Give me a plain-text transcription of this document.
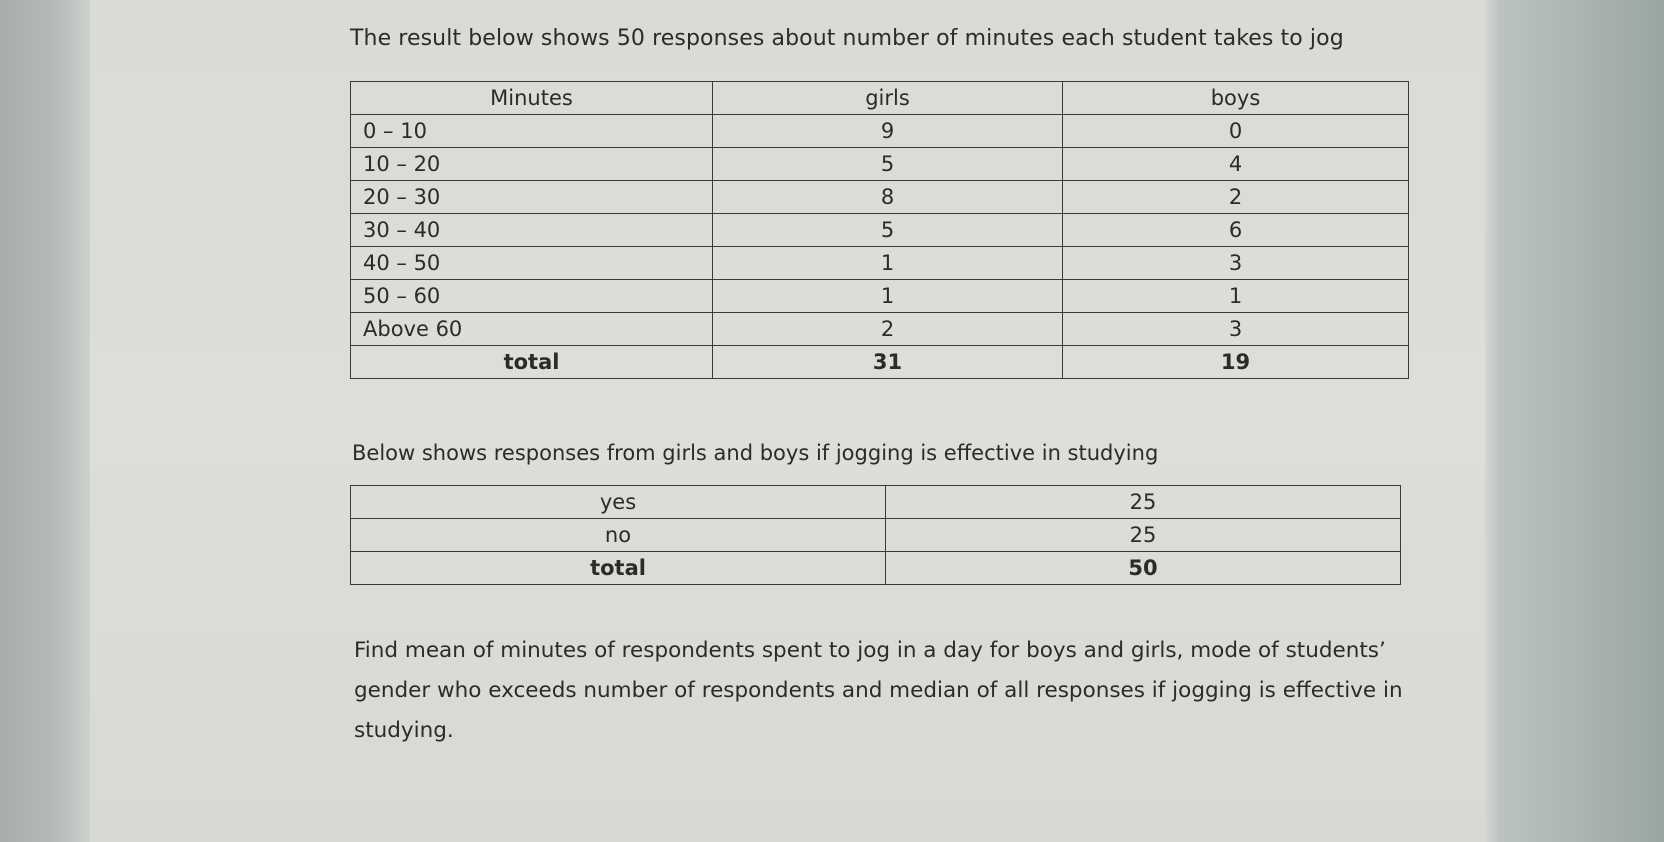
The result below shows 50 responses about number of minutes each student takes to jog

Minutes	girls	boys
0 – 10	9	0
10 – 20	5	4
20 – 30	8	2
30 – 40	5	6
40 – 50	1	3
50 – 60	1	1
Above 60	2	3
total	31	19

Below shows responses from girls and boys if jogging is effective in studying

yes	25
no	25
total	50

Find mean of minutes of respondents spent to jog in a day for boys and girls, mode of students’ gender who exceeds number of respondents and median of all responses if jogging is effective in studying.
